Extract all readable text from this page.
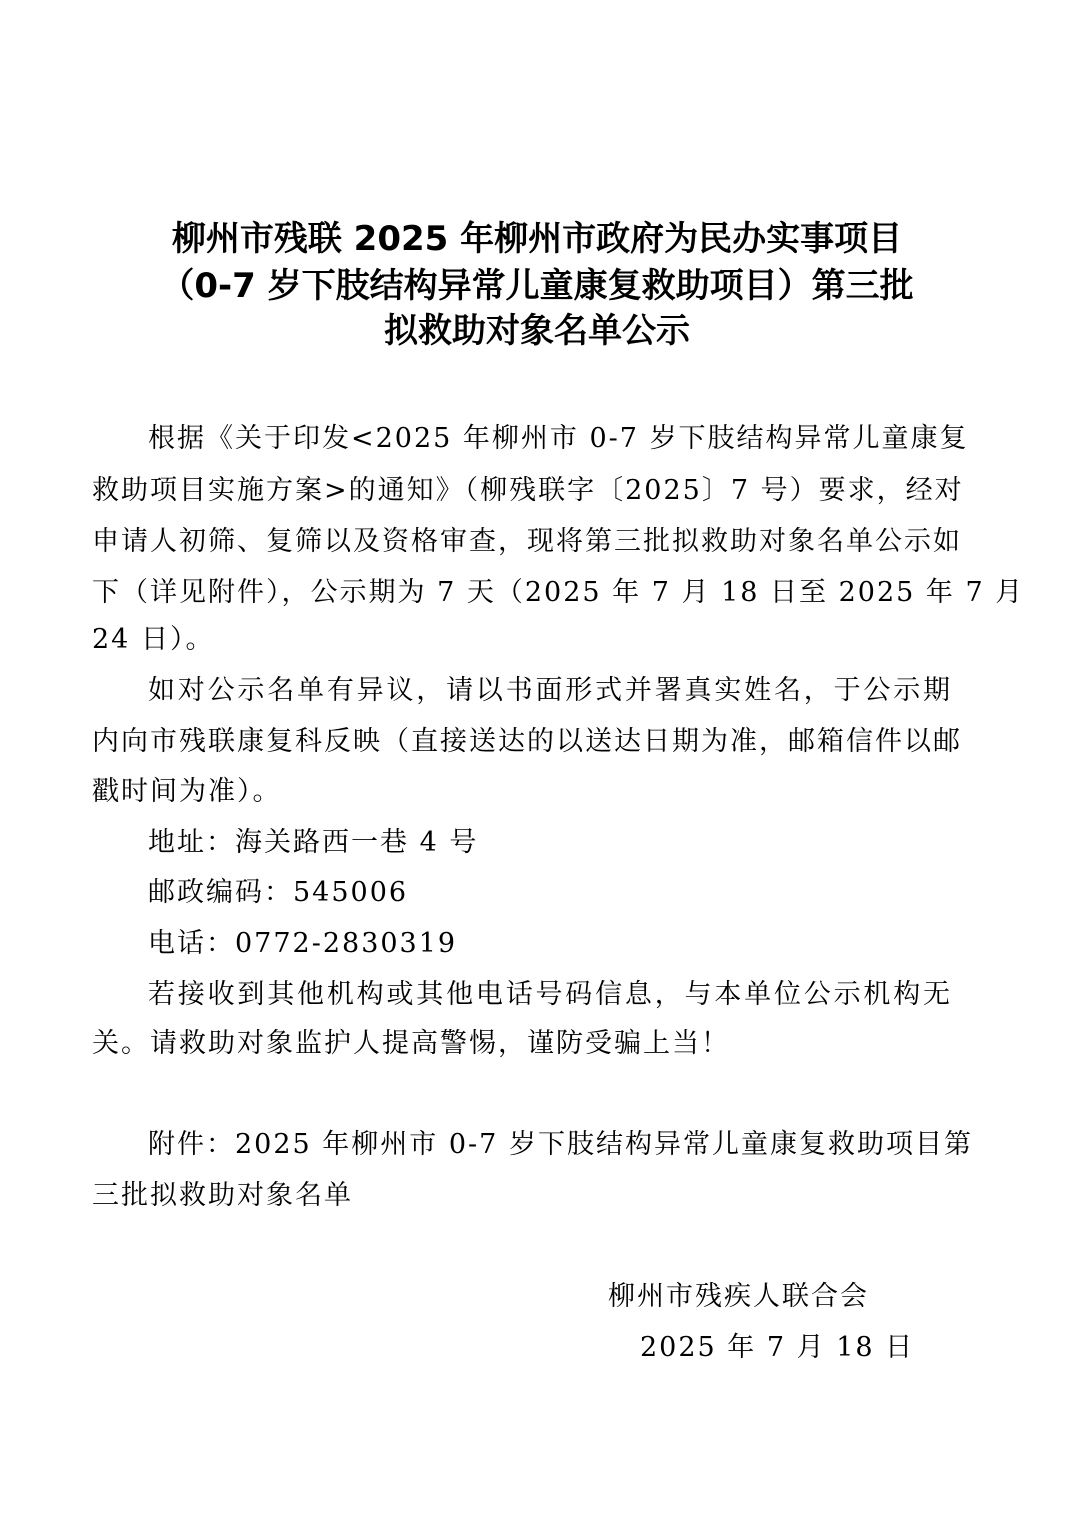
柳州市残联 2025 年柳州市政府为民办实事项目
（0-7 岁下肢结构异常儿童康复救助项目）第三批
拟救助对象名单公示
根据《关于印发<2025 年柳州市 0-7 岁下肢结构异常儿童康复
救助项目实施方案>的通知》（柳残联字〔2025〕7 号）要求，经对
申请人初筛、复筛以及资格审查，现将第三批拟救助对象名单公示如
下（详见附件），公示期为 7 天（2025 年 7 月 18 日至 2025 年 7 月
24 日）。
如对公示名单有异议，请以书面形式并署真实姓名，于公示期
内向市残联康复科反映（直接送达的以送达日期为准，邮箱信件以邮
戳时间为准）。
地址：海关路西一巷 4 号
邮政编码：545006
电话：0772-2830319
若接收到其他机构或其他电话号码信息，与本单位公示机构无
关。请救助对象监护人提高警惕，谨防受骗上当！
附件：2025 年柳州市 0-7 岁下肢结构异常儿童康复救助项目第
三批拟救助对象名单
柳州市残疾人联合会
2025 年 7 月 18 日
